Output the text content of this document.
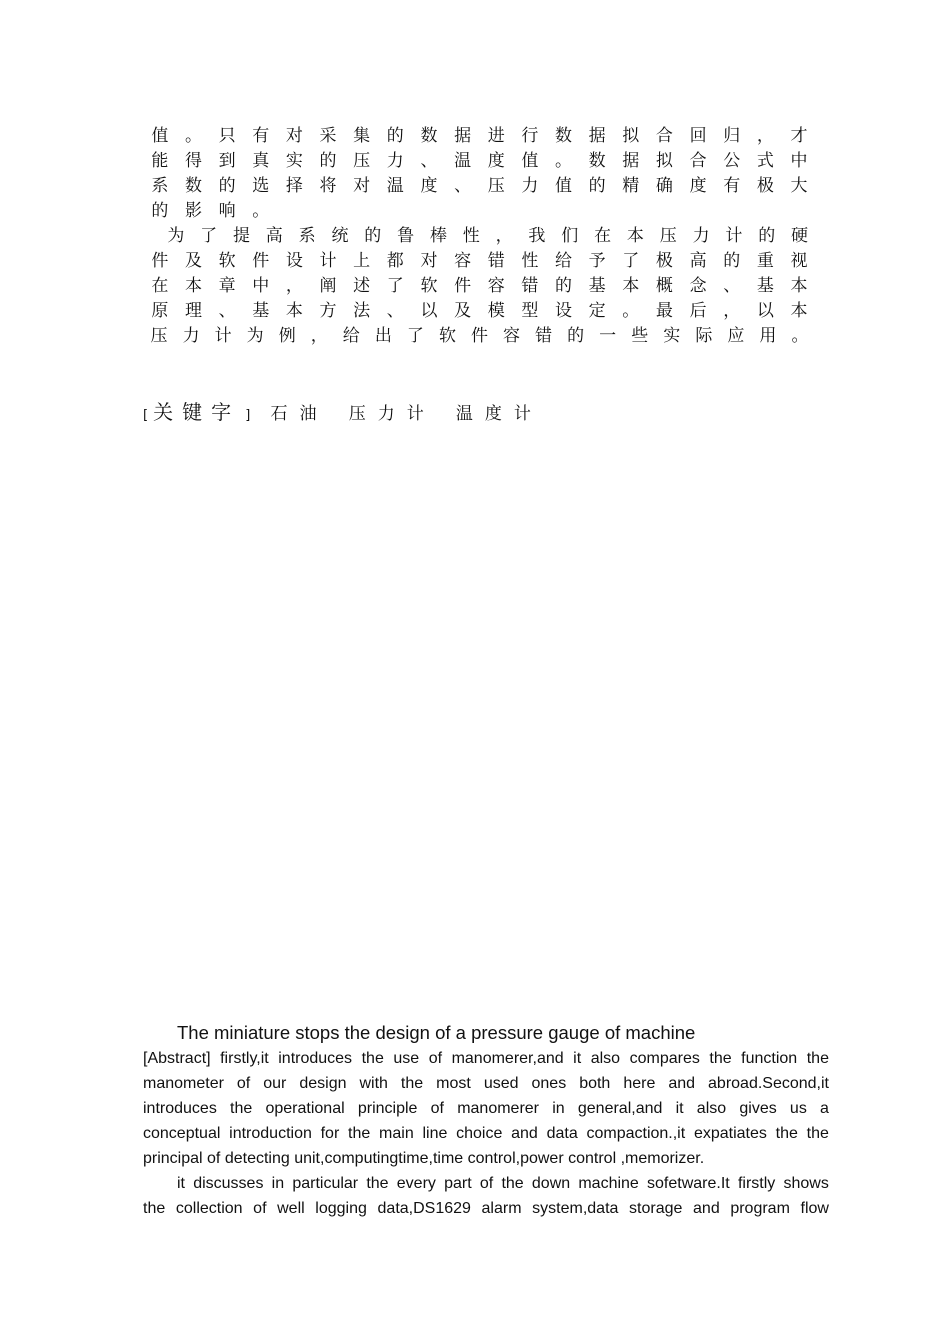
值 。 只 有 对 采 集 的 数 据 进 行 数 据 拟 合 回 归 ， 才
能 得 到 真 实 的 压 力 、 温 度 值 。 数 据 拟 合 公 式 中
系 数 的 选 择 将 对 温 度 、 压 力 值 的 精 确 度 有 极 大
的 影 响 。
为 了 提 高 系 统 的 鲁 棒 性 ， 我 们 在 本 压 力 计 的 硬
件 及 软 件 设 计 上 都 对 容 错 性 给 予 了 极 高 的 重 视
在 本 章 中 ， 阐 述 了 软 件 容 错 的 基 本 概 念 、 基 本
原 理 、 基 本 方 法 、 以 及 模 型 设 定 。 最 后 ， 以 本
压 力 计 为 例 ， 给 出 了 软 件 容 错 的 一 些 实 际 应 用 。
[ 关键字 ] 石油 压力计 温度计
The miniature stops the design of a pressure gauge of machine
[Abstract] firstly,it introduces the use of manomerer,and it also compares the function the
manometer of our design with the most used ones both here and abroad.Second,it
introduces the operational principle of manomerer in general,and it also gives us a
conceptual introduction for the main line choice and data compaction.,it expatiates the the
principal of detecting unit,computingtime,time control,power control ,memorizer.
it discusses in particular the every part of the down machine sofetware.It firstly shows
the collection of well logging data,DS1629 alarm system,data storage and program flow
